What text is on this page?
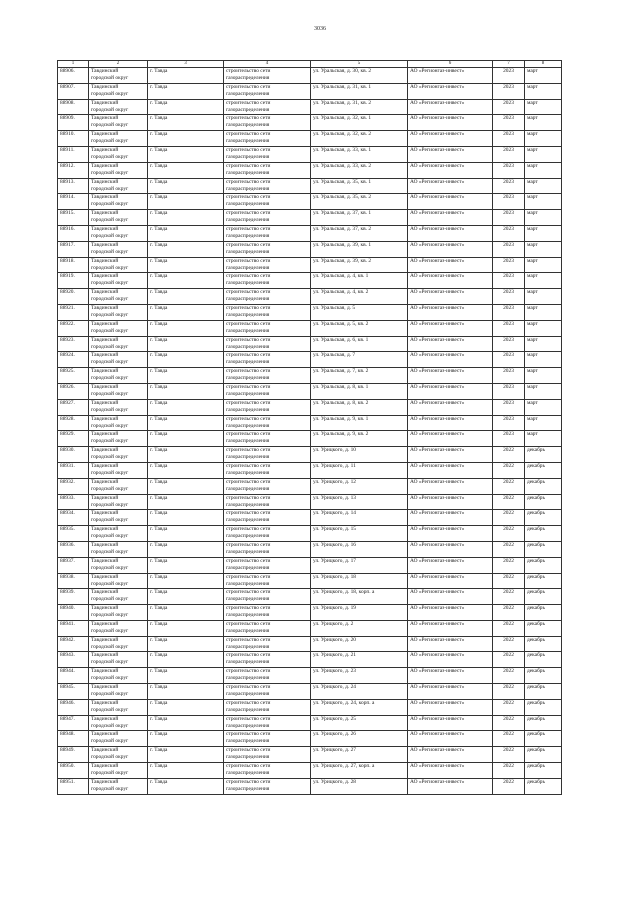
3036
1	2	3	4	5	6	7	8

88906.	Тавдинский
городской округ	г. Тавда	строительство сети
газораспределения	ул. Уральская, д. 30, кв. 2	АО «Регионгаз-инвест»	2023	март

88907.	Тавдинский
городской округ	г. Тавда	строительство сети
газораспределения	ул. Уральская, д. 31, кв. 1	АО «Регионгаз-инвест»	2023	март

88908.	Тавдинский
городской округ	г. Тавда	строительство сети
газораспределения	ул. Уральская, д. 31, кв. 2	АО «Регионгаз-инвест»	2023	март

88909.	Тавдинский
городской округ	г. Тавда	строительство сети
газораспределения	ул. Уральская, д. 32, кв. 1	АО «Регионгаз-инвест»	2023	март

88910.	Тавдинский
городской округ	г. Тавда	строительство сети
газораспределения	ул. Уральская, д. 32, кв. 2	АО «Регионгаз-инвест»	2023	март

88911.	Тавдинский
городской округ	г. Тавда	строительство сети
газораспределения	ул. Уральская, д. 33, кв. 1	АО «Регионгаз-инвест»	2023	март

88912.	Тавдинский
городской округ	г. Тавда	строительство сети
газораспределения	ул. Уральская, д. 33, кв. 2	АО «Регионгаз-инвест»	2023	март

88913.	Тавдинский
городской округ	г. Тавда	строительство сети
газораспределения	ул. Уральская, д. 35, кв. 1	АО «Регионгаз-инвест»	2023	март

88914.	Тавдинский
городской округ	г. Тавда	строительство сети
газораспределения	ул. Уральская, д. 35, кв. 2	АО «Регионгаз-инвест»	2023	март

88915.	Тавдинский
городской округ	г. Тавда	строительство сети
газораспределения	ул. Уральская, д. 37, кв. 1	АО «Регионгаз-инвест»	2023	март

88916.	Тавдинский
городской округ	г. Тавда	строительство сети
газораспределения	ул. Уральская, д. 37, кв. 2	АО «Регионгаз-инвест»	2023	март

88917.	Тавдинский
городской округ	г. Тавда	строительство сети
газораспределения	ул. Уральская, д. 39, кв. 1	АО «Регионгаз-инвест»	2023	март

88918.	Тавдинский
городской округ	г. Тавда	строительство сети
газораспределения	ул. Уральская, д. 39, кв. 2	АО «Регионгаз-инвест»	2023	март

88919.	Тавдинский
городской округ	г. Тавда	строительство сети
газораспределения	ул. Уральская, д. 4, кв. 1	АО «Регионгаз-инвест»	2023	март

88920.	Тавдинский
городской округ	г. Тавда	строительство сети
газораспределения	ул. Уральская, д. 4, кв. 2	АО «Регионгаз-инвест»	2023	март

88921.	Тавдинский
городской округ	г. Тавда	строительство сети
газораспределения	ул. Уральская, д. 5	АО «Регионгаз-инвест»	2023	март

88922.	Тавдинский
городской округ	г. Тавда	строительство сети
газораспределения	ул. Уральская, д. 5, кв. 2	АО «Регионгаз-инвест»	2023	март

88923.	Тавдинский
городской округ	г. Тавда	строительство сети
газораспределения	ул. Уральская, д. 6, кв. 1	АО «Регионгаз-инвест»	2023	март

88924.	Тавдинский
городской округ	г. Тавда	строительство сети
газораспределения	ул. Уральская, д. 7	АО «Регионгаз-инвест»	2023	март

88925.	Тавдинский
городской округ	г. Тавда	строительство сети
газораспределения	ул. Уральская, д. 7, кв. 2	АО «Регионгаз-инвест»	2023	март

88926.	Тавдинский
городской округ	г. Тавда	строительство сети
газораспределения	ул. Уральская, д. 8, кв. 1	АО «Регионгаз-инвест»	2023	март

88927.	Тавдинский
городской округ	г. Тавда	строительство сети
газораспределения	ул. Уральская, д. 8, кв. 2	АО «Регионгаз-инвест»	2023	март

88928.	Тавдинский
городской округ	г. Тавда	строительство сети
газораспределения	ул. Уральская, д. 9, кв. 1	АО «Регионгаз-инвест»	2023	март

88929.	Тавдинский
городской округ	г. Тавда	строительство сети
газораспределения	ул. Уральская, д. 9, кв. 2	АО «Регионгаз-инвест»	2023	март

88930.	Тавдинский
городской округ	г. Тавда	строительство сети
газораспределения	ул. Урицкого, д. 10	АО «Регионгаз-инвест»	2022	декабрь

88931.	Тавдинский
городской округ	г. Тавда	строительство сети
газораспределения	ул. Урицкого, д. 11	АО «Регионгаз-инвест»	2022	декабрь

88932.	Тавдинский
городской округ	г. Тавда	строительство сети
газораспределения	ул. Урицкого, д. 12	АО «Регионгаз-инвест»	2022	декабрь

88933.	Тавдинский
городской округ	г. Тавда	строительство сети
газораспределения	ул. Урицкого, д. 13	АО «Регионгаз-инвест»	2022	декабрь

88934.	Тавдинский
городской округ	г. Тавда	строительство сети
газораспределения	ул. Урицкого, д. 14	АО «Регионгаз-инвест»	2022	декабрь

88935.	Тавдинский
городской округ	г. Тавда	строительство сети
газораспределения	ул. Урицкого, д. 15	АО «Регионгаз-инвест»	2022	декабрь

88936.	Тавдинский
городской округ	г. Тавда	строительство сети
газораспределения	ул. Урицкого, д. 16	АО «Регионгаз-инвест»	2022	декабрь

88937.	Тавдинский
городской округ	г. Тавда	строительство сети
газораспределения	ул. Урицкого, д. 17	АО «Регионгаз-инвест»	2022	декабрь

88938.	Тавдинский
городской округ	г. Тавда	строительство сети
газораспределения	ул. Урицкого, д. 18	АО «Регионгаз-инвест»	2022	декабрь

88939.	Тавдинский
городской округ	г. Тавда	строительство сети
газораспределения	ул. Урицкого, д. 18, корп. а	АО «Регионгаз-инвест»	2022	декабрь

88940.	Тавдинский
городской округ	г. Тавда	строительство сети
газораспределения	ул. Урицкого, д. 19	АО «Регионгаз-инвест»	2022	декабрь

88941.	Тавдинский
городской округ	г. Тавда	строительство сети
газораспределения	ул. Урицкого, д. 2	АО «Регионгаз-инвест»	2022	декабрь

88942.	Тавдинский
городской округ	г. Тавда	строительство сети
газораспределения	ул. Урицкого, д. 20	АО «Регионгаз-инвест»	2022	декабрь

88943.	Тавдинский
городской округ	г. Тавда	строительство сети
газораспределения	ул. Урицкого, д. 21	АО «Регионгаз-инвест»	2022	декабрь

88944.	Тавдинский
городской округ	г. Тавда	строительство сети
газораспределения	ул. Урицкого, д. 23	АО «Регионгаз-инвест»	2022	декабрь

88945.	Тавдинский
городской округ	г. Тавда	строительство сети
газораспределения	ул. Урицкого, д. 24	АО «Регионгаз-инвест»	2022	декабрь

88946.	Тавдинский
городской округ	г. Тавда	строительство сети
газораспределения	ул. Урицкого, д. 24, корп. а	АО «Регионгаз-инвест»	2022	декабрь

88947.	Тавдинский
городской округ	г. Тавда	строительство сети
газораспределения	ул. Урицкого, д. 25	АО «Регионгаз-инвест»	2022	декабрь

88948.	Тавдинский
городской округ	г. Тавда	строительство сети
газораспределения	ул. Урицкого, д. 26	АО «Регионгаз-инвест»	2022	декабрь

88949.	Тавдинский
городской округ	г. Тавда	строительство сети
газораспределения	ул. Урицкого, д. 27	АО «Регионгаз-инвест»	2022	декабрь

88950.	Тавдинский
городской округ	г. Тавда	строительство сети
газораспределения	ул. Урицкого, д. 27, корп. а	АО «Регионгаз-инвест»	2022	декабрь

88951.	Тавдинский
городской округ	г. Тавда	строительство сети
газораспределения	ул. Урицкого, д. 28	АО «Регионгаз-инвест»	2022	декабрь
